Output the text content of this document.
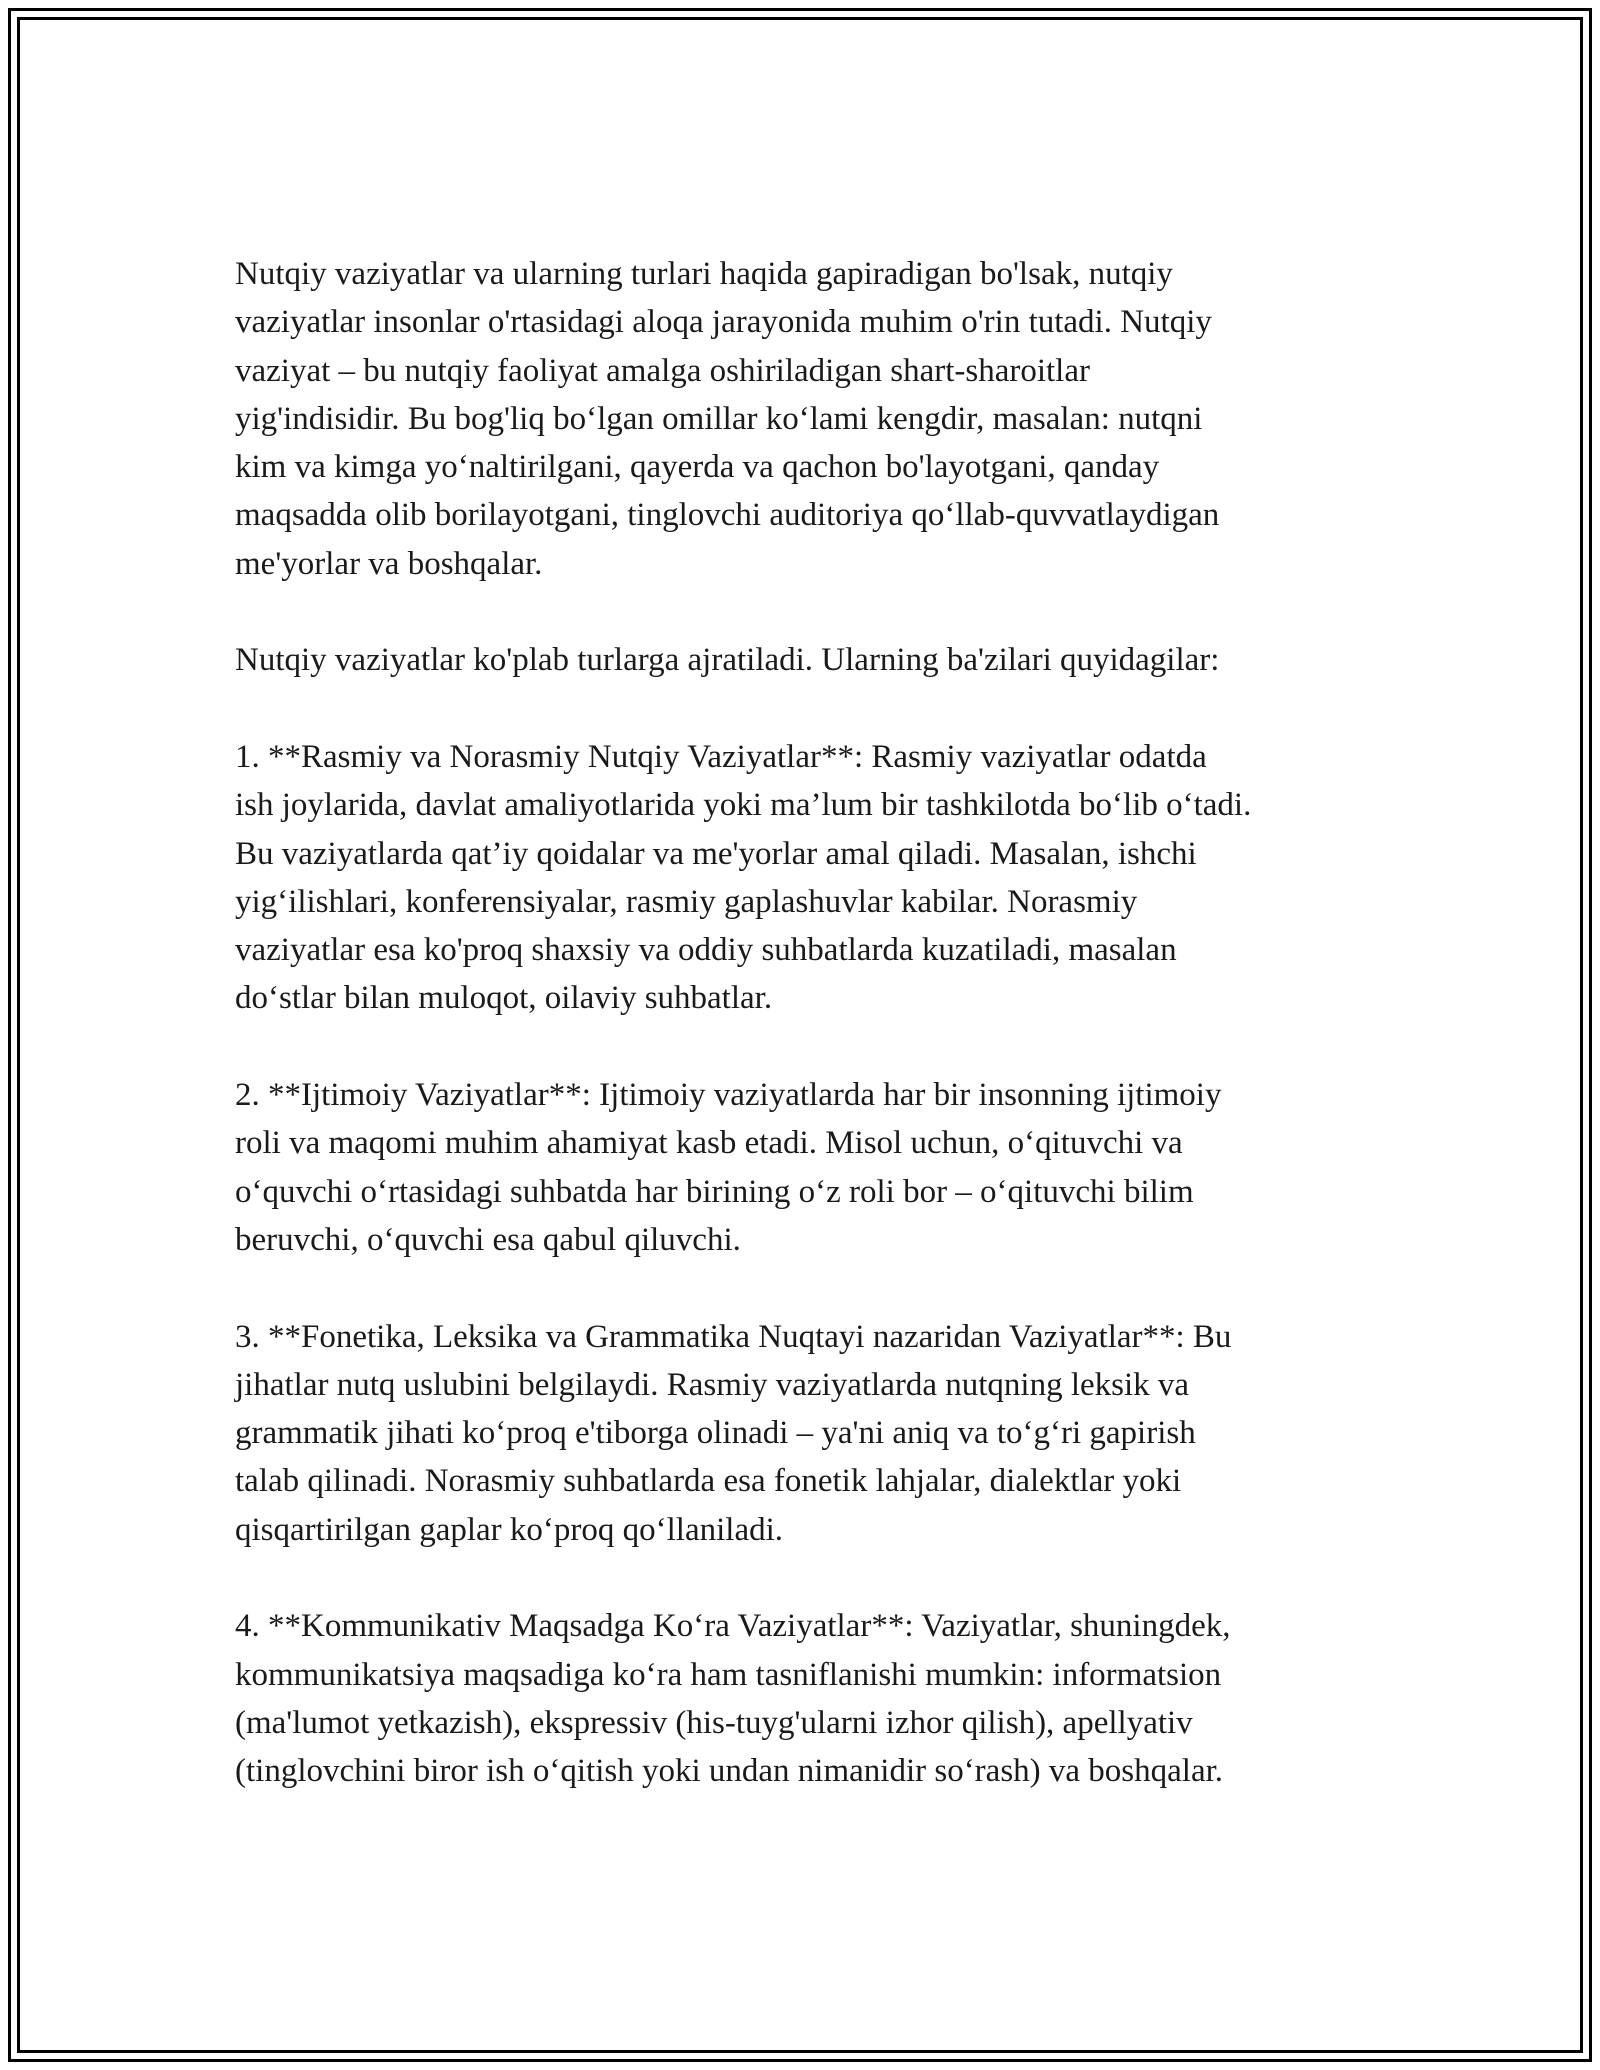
Nutqiy vaziyatlar va ularning turlari haqida gapiradigan bo'lsak, nutqiy
vaziyatlar insonlar o'rtasidagi aloqa jarayonida muhim o'rin tutadi. Nutqiy
vaziyat – bu nutqiy faoliyat amalga oshiriladigan shart-sharoitlar
yig'indisidir. Bu bog'liq bo‘lgan omillar ko‘lami kengdir, masalan: nutqni
kim va kimga yo‘naltirilgani, qayerda va qachon bo'layotgani, qanday
maqsadda olib borilayotgani, tinglovchi auditoriya qo‘llab-quvvatlaydigan
me'yorlar va boshqalar.

Nutqiy vaziyatlar ko'plab turlarga ajratiladi. Ularning ba'zilari quyidagilar:

1. **Rasmiy va Norasmiy Nutqiy Vaziyatlar**: Rasmiy vaziyatlar odatda
ish joylarida, davlat amaliyotlarida yoki ma’lum bir tashkilotda bo‘lib o‘tadi.
Bu vaziyatlarda qat’iy qoidalar va me'yorlar amal qiladi. Masalan, ishchi
yig‘ilishlari, konferensiyalar, rasmiy gaplashuvlar kabilar. Norasmiy
vaziyatlar esa ko'proq shaxsiy va oddiy suhbatlarda kuzatiladi, masalan
do‘stlar bilan muloqot, oilaviy suhbatlar.

2. **Ijtimoiy Vaziyatlar**: Ijtimoiy vaziyatlarda har bir insonning ijtimoiy
roli va maqomi muhim ahamiyat kasb etadi. Misol uchun, o‘qituvchi va
o‘quvchi o‘rtasidagi suhbatda har birining o‘z roli bor – o‘qituvchi bilim
beruvchi, o‘quvchi esa qabul qiluvchi.

3. **Fonetika, Leksika va Grammatika Nuqtayi nazaridan Vaziyatlar**: Bu
jihatlar nutq uslubini belgilaydi. Rasmiy vaziyatlarda nutqning leksik va
grammatik jihati ko‘proq e'tiborga olinadi – ya'ni aniq va to‘g‘ri gapirish
talab qilinadi. Norasmiy suhbatlarda esa fonetik lahjalar, dialektlar yoki
qisqartirilgan gaplar ko‘proq qo‘llaniladi.

4. **Kommunikativ Maqsadga Ko‘ra Vaziyatlar**: Vaziyatlar, shuningdek,
kommunikatsiya maqsadiga ko‘ra ham tasniflanishi mumkin: informatsion
(ma'lumot yetkazish), ekspressiv (his-tuyg'ularni izhor qilish), apellyativ
(tinglovchini biror ish o‘qitish yoki undan nimanidir so‘rash) va boshqalar.
